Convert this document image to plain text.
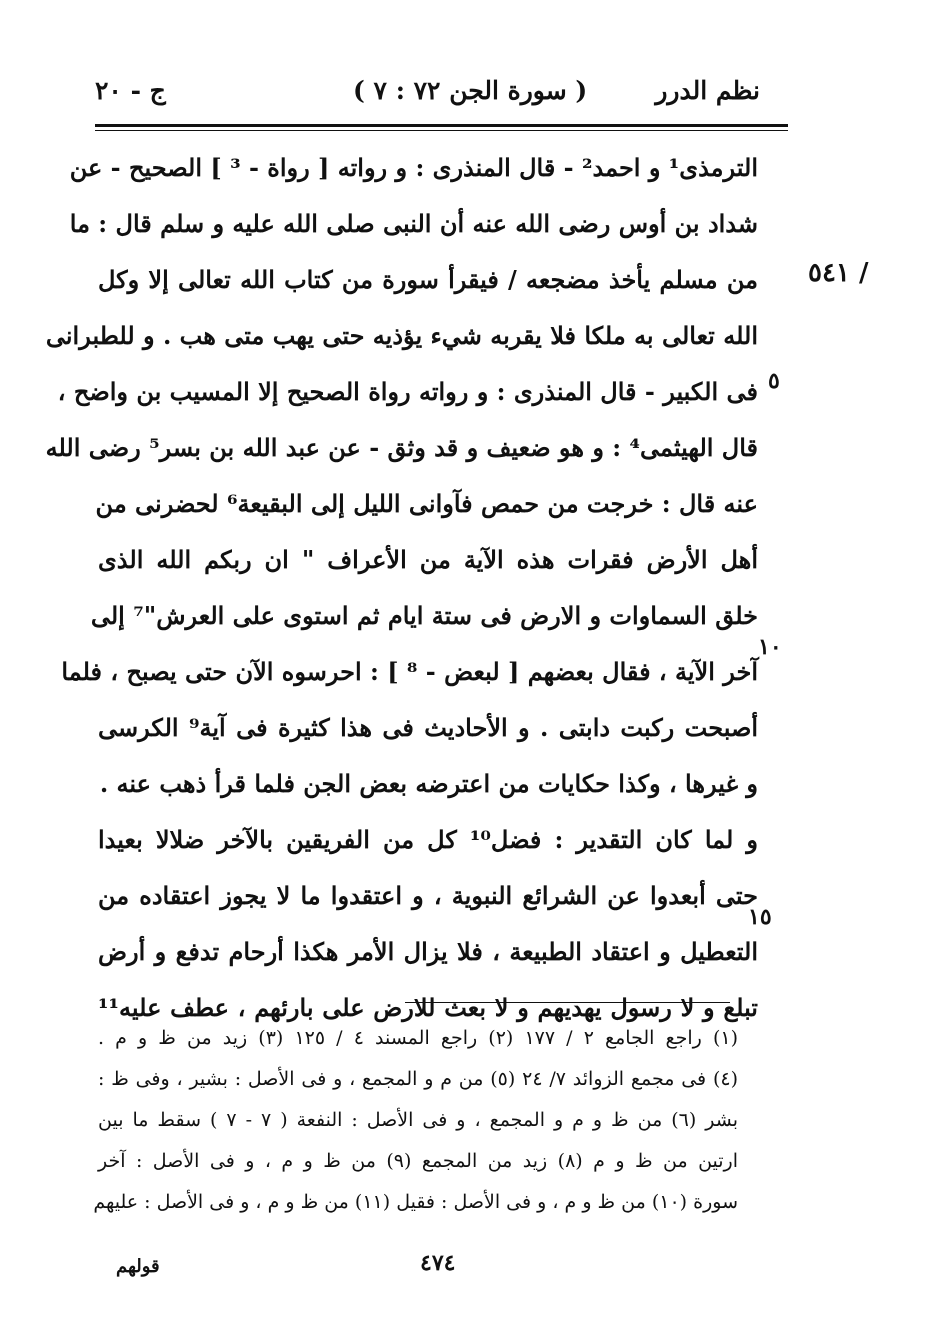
نظم الدرر
( سورة الجن ٧٢ : ٧ )
ج - ٢٠
٥٤١ /
٥
١٠
١٥
الترمذى¹ و احمد² - قال المنذرى : و رواته [ رواة - ³ ] الصحيح - عن
شداد بن أوس رضى الله عنه أن النبى صلى الله عليه و سلم قال : ما
من مسلم يأخذ مضجعه / فيقرأ سورة من كتاب الله تعالى إلا وكل
الله تعالى به ملكا فلا يقربه شيء يؤذيه حتى يهب متى هب . و للطبرانى
فى الكبير - قال المنذرى : و رواته رواة الصحيح إلا المسيب بن واضح ،
قال الهيثمى⁴ : و هو ضعيف و قد وثق - عن عبد الله بن بسر⁵ رضى الله
عنه قال : خرجت من حمص فآوانى الليل إلى البقيعة⁶ لحضرنى من
أهل الأرض فقرات هذه الآية من الأعراف " ان ربكم الله الذى
خلق السماوات و الارض فى ستة ايام ثم استوى على العرش"⁷ إلى
آخر الآية ، فقال بعضهم [ لبعض - ⁸ ] : احرسوه الآن حتى يصبح ، فلما
أصبحت ركبت دابتى . و الأحاديث فى هذا كثيرة فى آية⁹ الكرسى
و غيرها ، وكذا حكايات من اعترضه بعض الجن فلما قرأ ذهب عنه .
و لما كان التقدير : فضل¹⁰ كل من الفريقين بالآخر ضلالا بعيدا
حتى أبعدوا عن الشرائع النبوية ، و اعتقدوا ما لا يجوز اعتقاده من
التعطيل و اعتقاد الطبيعة ، فلا يزال الأمر هكذا أرحام تدفع و أرض
تبلع و لا رسول يهديهم و لا بعث للارض على بارئهم ، عطف عليه¹¹
(١) راجع الجامع ٢ / ١٧٧ (٢) راجع المسند ٤ / ١٢٥ (٣) زيد من ظ و م .
(٤) فى مجمع الزوائد ٧/ ٢٤ (٥) من م و المجمع ، و فى الأصل : بشير ، وفى ظ :
بشر (٦) من ظ و م و المجمع ، و فى الأصل : النفعة ( ٧ - ٧ ) سقط ما بين
ارتين من ظ و م (٨) زيد من المجمع (٩) من ظ و م ، و فى الأصل : آخر
سورة (١٠) من ظ و م ، و فى الأصل : فقيل (١١) من ظ و م ، و فى الأصل : عليهم
٤٧٤
قولهم
